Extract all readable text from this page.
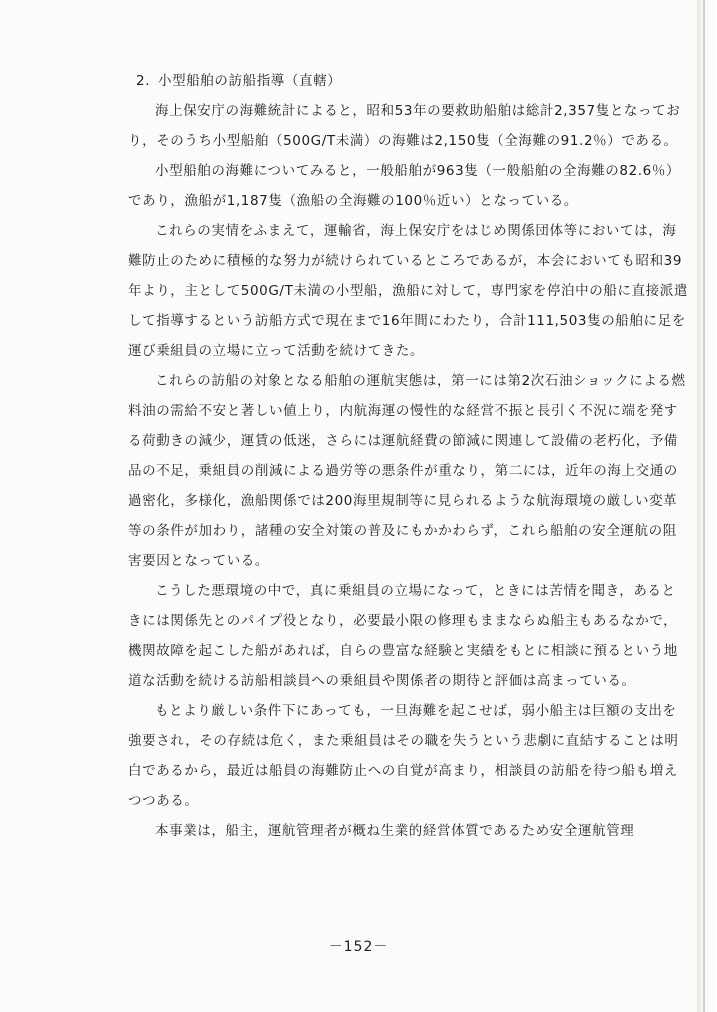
2. 小型船舶の訪船指導（直轄）

海上保安庁の海難統計によると，昭和53年の要救助船舶は総計2,357隻となっており，そのうち小型船舶（500G/T未満）の海難は2,150隻（全海難の91.2％）である。

小型船舶の海難についてみると，一般船舶が963隻（一般船舶の全海難の82.6％）であり，漁船が1,187隻（漁船の全海難の100％近い）となっている。

これらの実情をふまえて，運輸省，海上保安庁をはじめ関係団体等においては，海難防止のために積極的な努力が続けられているところであるが，本会においても昭和39年より，主として500G/T未満の小型船，漁船に対して，専門家を停泊中の船に直接派遣して指導するという訪船方式で現在まで16年間にわたり，合計111,503隻の船舶に足を運び乗組員の立場に立って活動を続けてきた。

これらの訪船の対象となる船舶の運航実態は，第一には第2次石油ショックによる燃料油の需給不安と著しい値上り，内航海運の慢性的な経営不振と長引く不況に端を発する荷動きの減少，運賃の低迷，さらには運航経費の節減に関連して設備の老朽化，予備品の不足，乗組員の削減による過労等の悪条件が重なり，第二には，近年の海上交通の過密化，多様化，漁船関係では200海里規制等に見られるような航海環境の厳しい変革等の条件が加わり，諸種の安全対策の普及にもかかわらず，これら船舶の安全運航の阻害要因となっている。

こうした悪環境の中で，真に乗組員の立場になって，ときには苦情を聞き，あるときには関係先とのパイプ役となり，必要最小限の修理もままならぬ船主もあるなかで，機関故障を起こした船があれば，自らの豊富な経験と実績をもとに相談に預るという地道な活動を続ける訪船相談員への乗組員や関係者の期待と評価は高まっている。

もとより厳しい条件下にあっても，一旦海難を起こせば，弱小船主は巨額の支出を強要され，その存続は危く，また乗組員はその職を失うという悲劇に直結することは明白であるから，最近は船員の海難防止への自覚が高まり，相談員の訪船を待つ船も増えつつある。

本事業は，船主，運航管理者が概ね生業的経営体質であるため安全運航管理

－152－
